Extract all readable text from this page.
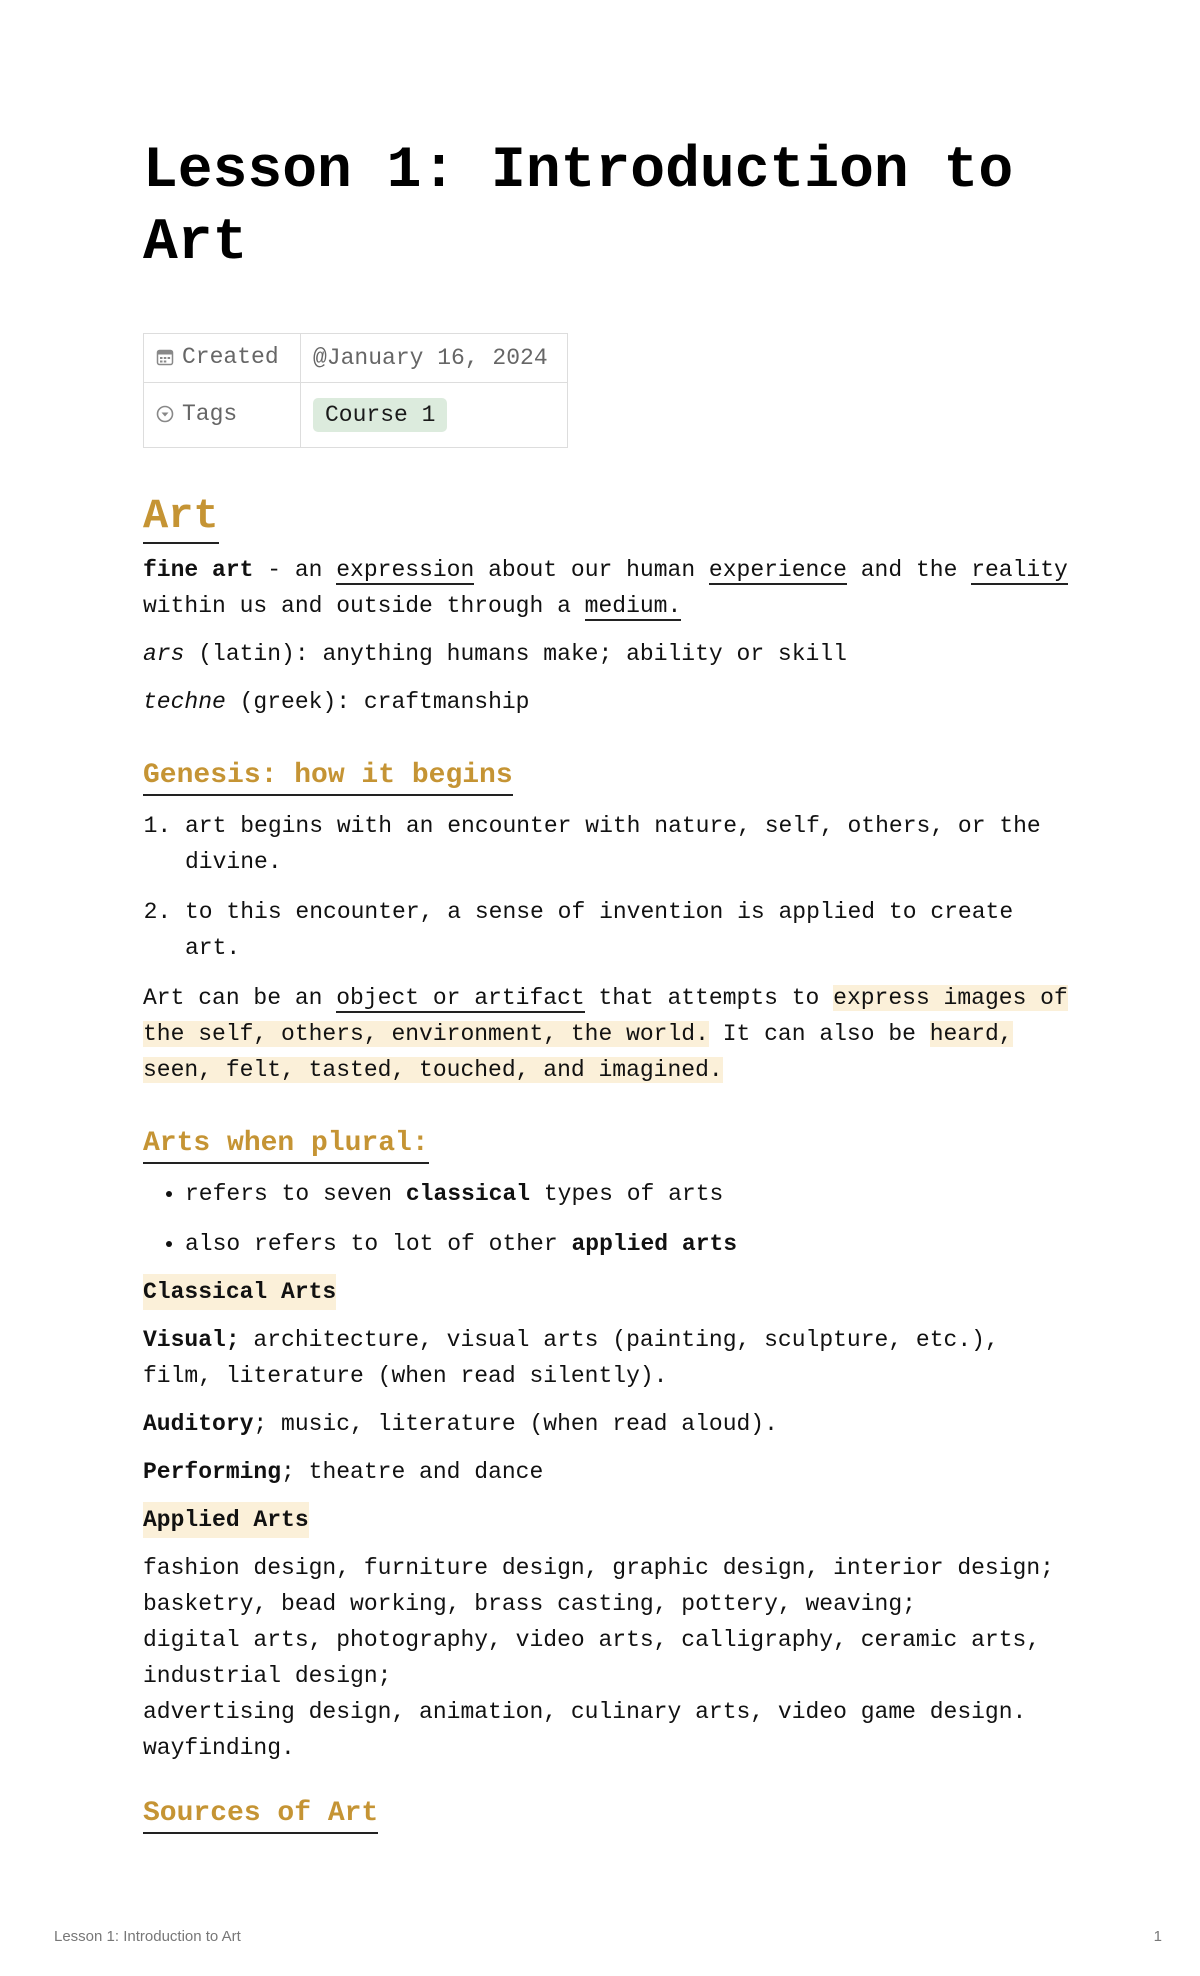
Lesson 1: Introduction to Art
Created	@January 16, 2024
Tags	Course 1
Art

fine art - an expression about our human experience and the reality within us and outside through a medium.

ars (latin): anything humans make; ability or skill

techne (greek): craftmanship

Genesis: how it begins
1. art begins with an encounter with nature, self, others, or the divine.
2. to this encounter, a sense of invention is applied to create art.

Art can be an object or artifact that attempts to express images of the self, others, environment, the world. It can also be heard, seen, felt, tasted, touched, and imagined.

Arts when plural:
• refers to seven classical types of arts
• also refers to lot of other applied arts

Classical Arts

Visual; architecture, visual arts (painting, sculpture, etc.), film, literature (when read silently).

Auditory; music, literature (when read aloud).

Performing; theatre and dance

Applied Arts

fashion design, furniture design, graphic design, interior design;
basketry, bead working, brass casting, pottery, weaving;
digital arts, photography, video arts, calligraphy, ceramic arts, industrial design;
advertising design, animation, culinary arts, video game design. wayfinding.

Sources of Art
Lesson 1: Introduction to Art	1
